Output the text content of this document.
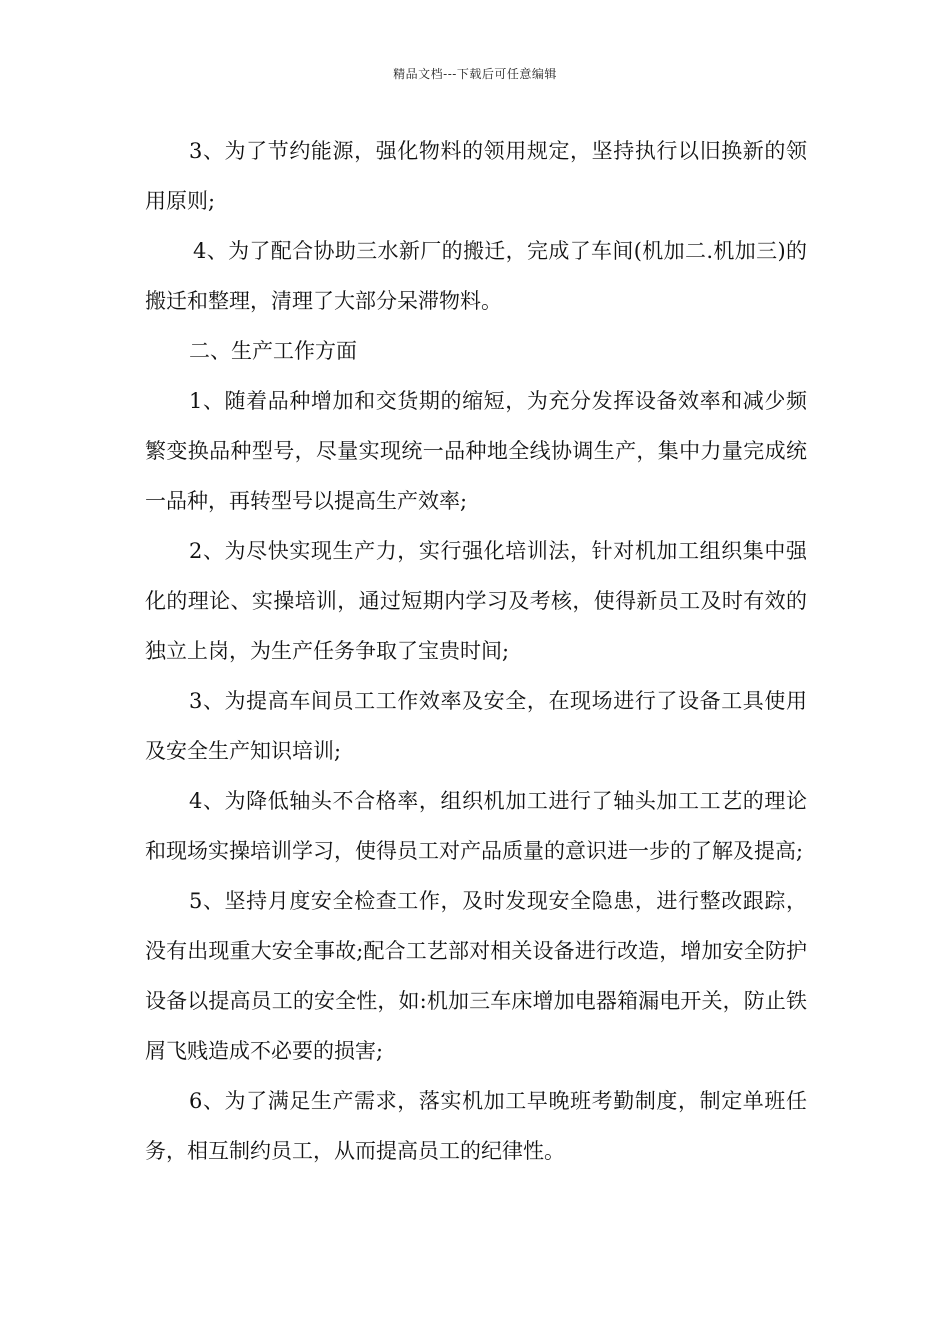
精品文档---下载后可任意编辑

3、为了节约能源，强化物料的领用规定，坚持执行以旧换新的领用原则;

4、为了配合协助三水新厂的搬迁，完成了车间(机加二.机加三)的搬迁和整理，清理了大部分呆滞物料。

二、生产工作方面

1、随着品种增加和交货期的缩短，为充分发挥设备效率和减少频繁变换品种型号，尽量实现统一品种地全线协调生产，集中力量完成统一品种，再转型号以提高生产效率;

2、为尽快实现生产力，实行强化培训法，针对机加工组织集中强化的理论、实操培训，通过短期内学习及考核，使得新员工及时有效的独立上岗，为生产任务争取了宝贵时间;

3、为提高车间员工工作效率及安全，在现场进行了设备工具使用及安全生产知识培训;

4、为降低轴头不合格率，组织机加工进行了轴头加工工艺的理论和现场实操培训学习，使得员工对产品质量的意识进一步的了解及提高;

5、坚持月度安全检查工作，及时发现安全隐患，进行整改跟踪，没有出现重大安全事故;配合工艺部对相关设备进行改造，增加安全防护设备以提高员工的安全性，如:机加三车床增加电器箱漏电开关，防止铁屑飞贱造成不必要的损害;

6、为了满足生产需求，落实机加工早晚班考勤制度，制定单班任务，相互制约员工，从而提高员工的纪律性。
